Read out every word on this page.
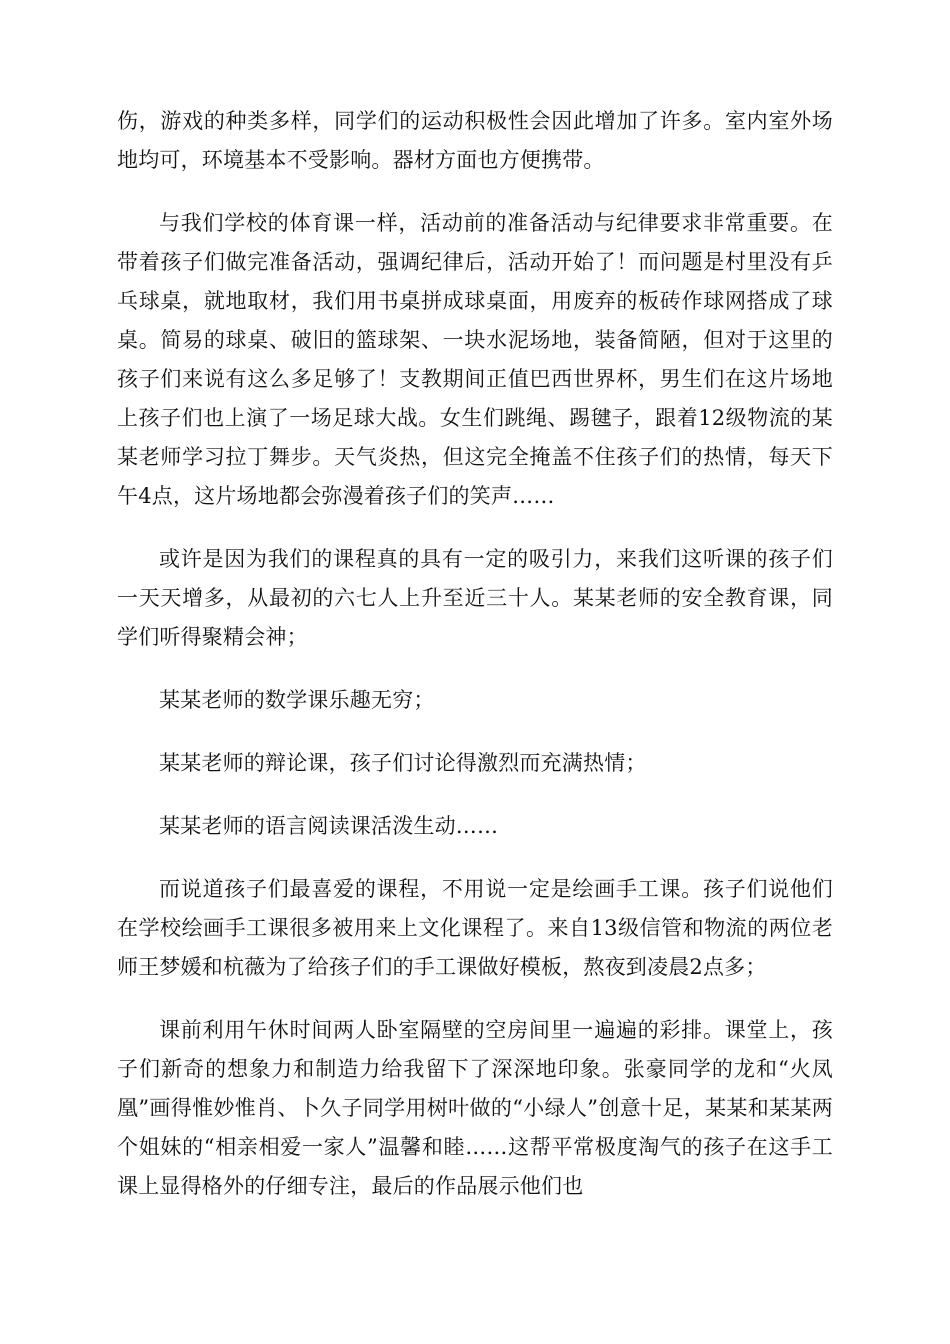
伤，游戏的种类多样，同学们的运动积极性会因此增加了许多。室内室外场地均可，环境基本不受影响。器材方面也方便携带。

与我们学校的体育课一样，活动前的准备活动与纪律要求非常重要。在带着孩子们做完准备活动，强调纪律后，活动开始了！而问题是村里没有乒乓球桌，就地取材，我们用书桌拼成球桌面，用废弃的板砖作球网搭成了球桌。简易的球桌、破旧的篮球架、一块水泥场地，装备简陋，但对于这里的孩子们来说有这么多足够了！支教期间正值巴西世界杯，男生们在这片场地上孩子们也上演了一场足球大战。女生们跳绳、踢毽子，跟着12级物流的某某老师学习拉丁舞步。天气炎热，但这完全掩盖不住孩子们的热情，每天下午4点，这片场地都会弥漫着孩子们的笑声……

或许是因为我们的课程真的具有一定的吸引力，来我们这听课的孩子们一天天增多，从最初的六七人上升至近三十人。某某老师的安全教育课，同学们听得聚精会神；

某某老师的数学课乐趣无穷；

某某老师的辩论课，孩子们讨论得激烈而充满热情；

某某老师的语言阅读课活泼生动……

而说道孩子们最喜爱的课程，不用说一定是绘画手工课。孩子们说他们在学校绘画手工课很多被用来上文化课程了。来自13级信管和物流的两位老师王梦媛和杭薇为了给孩子们的手工课做好模板，熬夜到凌晨2点多；

课前利用午休时间两人卧室隔壁的空房间里一遍遍的彩排。课堂上，孩子们新奇的想象力和制造力给我留下了深深地印象。张豪同学的龙和“火凤凰”画得惟妙惟肖、卜久子同学用树叶做的“小绿人”创意十足，某某和某某两个姐妹的“相亲相爱一家人”温馨和睦……这帮平常极度淘气的孩子在这手工课上显得格外的仔细专注，最后的作品展示他们也
